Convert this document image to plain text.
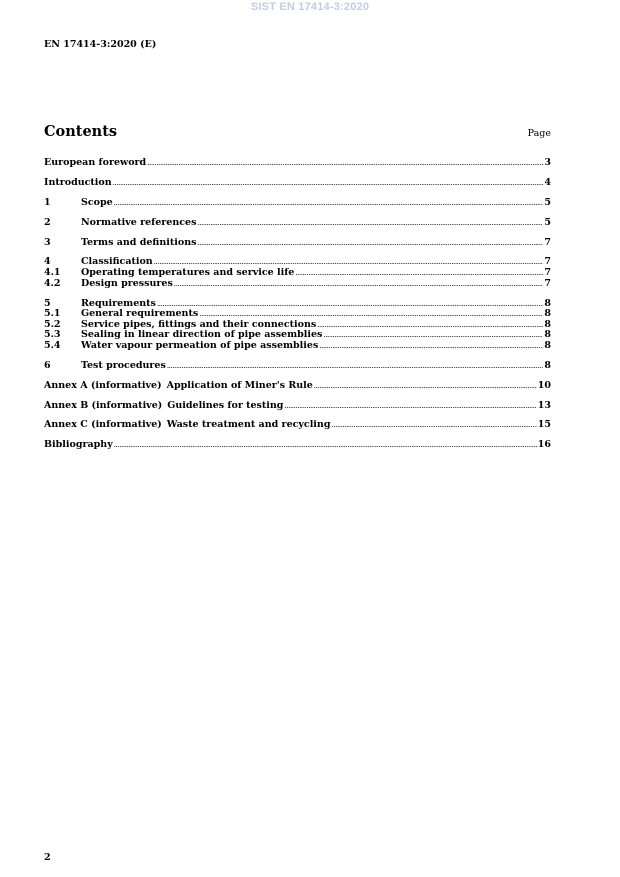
SIST EN 17414-3:2020
EN 17414-3:2020 (E)
Contents	Page
European foreword .....	3
Introduction .....	4
1	Scope .....	5
2	Normative references .....	5
3	Terms and definitions .....	7
4	Classification .....	7
4.1	Operating temperatures and service life .....	7
4.2	Design pressures .....	7
5	Requirements .....	8
5.1	General requirements .....	8
5.2	Service pipes, fittings and their connections .....	8
5.3	Sealing in linear direction of pipe assemblies .....	8
5.4	Water vapour permeation of pipe assemblies .....	8
6	Test procedures .....	8
Annex A (informative) Application of Miner's Rule .....	10
Annex B (informative) Guidelines for testing .....	13
Annex C (informative) Waste treatment and recycling .....	15
Bibliography .....	16
2
